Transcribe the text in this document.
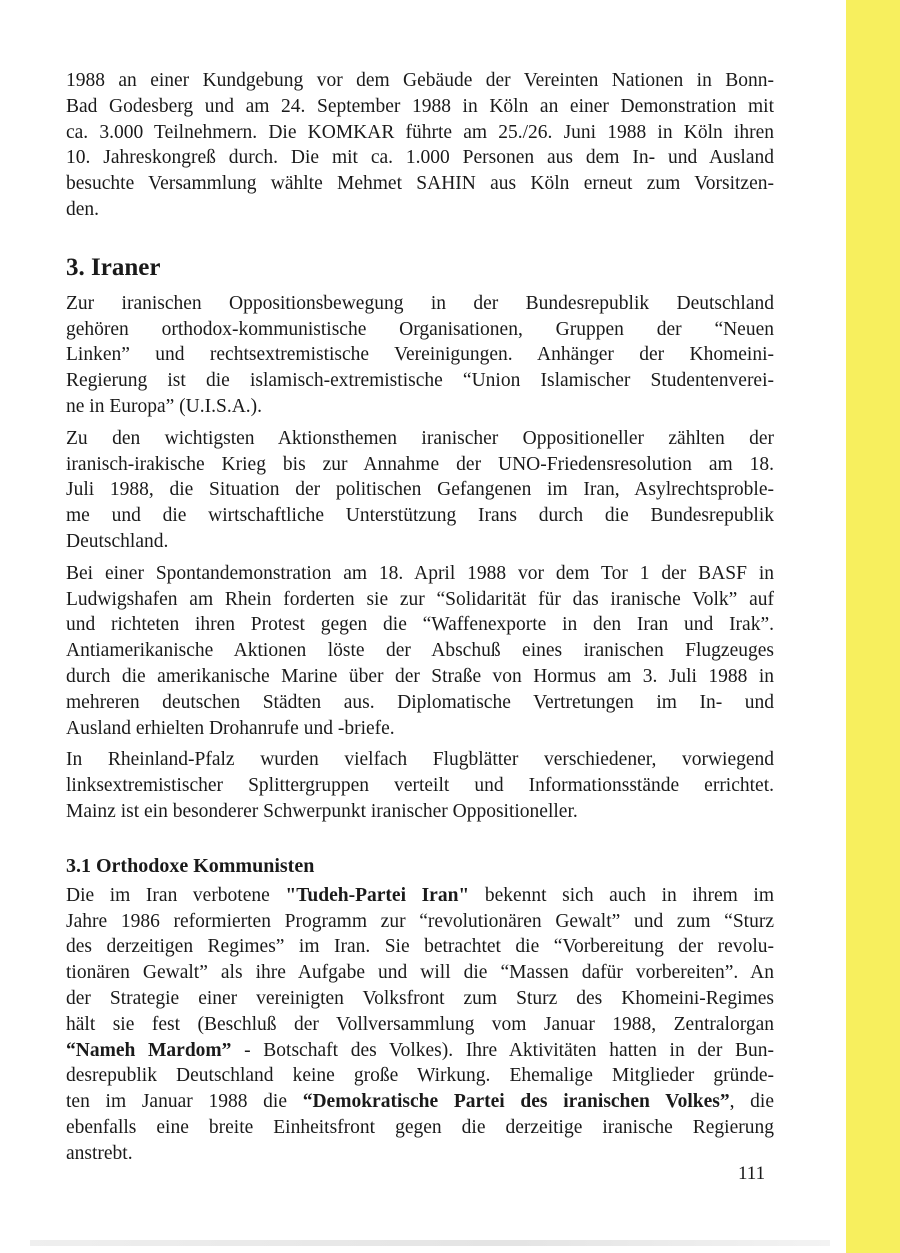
1988 an einer Kundgebung vor dem Gebäude der Vereinten Nationen in Bonn-
Bad Godesberg und am 24. September 1988 in Köln an einer Demonstration mit
ca. 3.000 Teilnehmern. Die KOMKAR führte am 25./26. Juni 1988 in Köln ihren
10. Jahreskongreß durch. Die mit ca. 1.000 Personen aus dem In- und Ausland
besuchte Versammlung wählte Mehmet SAHIN aus Köln erneut zum Vorsitzen-
den.

3. Iraner

Zur iranischen Oppositionsbewegung in der Bundesrepublik Deutschland
gehören orthodox-kommunistische Organisationen, Gruppen der “Neuen
Linken” und rechtsextremistische Vereinigungen. Anhänger der Khomeini-
Regierung ist die islamisch-extremistische “Union Islamischer Studentenverei-
ne in Europa” (U.I.S.A.).

Zu den wichtigsten Aktionsthemen iranischer Oppositioneller zählten der
iranisch-irakische Krieg bis zur Annahme der UNO-Friedensresolution am 18.
Juli 1988, die Situation der politischen Gefangenen im Iran, Asylrechtsproble-
me und die wirtschaftliche Unterstützung Irans durch die Bundesrepublik
Deutschland.

Bei einer Spontandemonstration am 18. April 1988 vor dem Tor 1 der BASF in
Ludwigshafen am Rhein forderten sie zur “Solidarität für das iranische Volk” auf
und richteten ihren Protest gegen die “Waffenexporte in den Iran und Irak”.
Antiamerikanische Aktionen löste der Abschuß eines iranischen Flugzeuges
durch die amerikanische Marine über der Straße von Hormus am 3. Juli 1988 in
mehreren deutschen Städten aus. Diplomatische Vertretungen im In- und
Ausland erhielten Drohanrufe und -briefe.

In Rheinland-Pfalz wurden vielfach Flugblätter verschiedener, vorwiegend
linksextremistischer Splittergruppen verteilt und Informationsstände errichtet.
Mainz ist ein besonderer Schwerpunkt iranischer Oppositioneller.

3.1 Orthodoxe Kommunisten

Die im Iran verbotene "Tudeh-Partei Iran" bekennt sich auch in ihrem im
Jahre 1986 reformierten Programm zur “revolutionären Gewalt” und zum “Sturz
des derzeitigen Regimes” im Iran. Sie betrachtet die “Vorbereitung der revolu-
tionären Gewalt” als ihre Aufgabe und will die “Massen dafür vorbereiten”. An
der Strategie einer vereinigten Volksfront zum Sturz des Khomeini-Regimes
hält sie fest (Beschluß der Vollversammlung vom Januar 1988, Zentralorgan
“Nameh Mardom” - Botschaft des Volkes). Ihre Aktivitäten hatten in der Bun-
desrepublik Deutschland keine große Wirkung. Ehemalige Mitglieder gründe-
ten im Januar 1988 die “Demokratische Partei des iranischen Volkes”, die
ebenfalls eine breite Einheitsfront gegen die derzeitige iranische Regierung
anstrebt.

111
